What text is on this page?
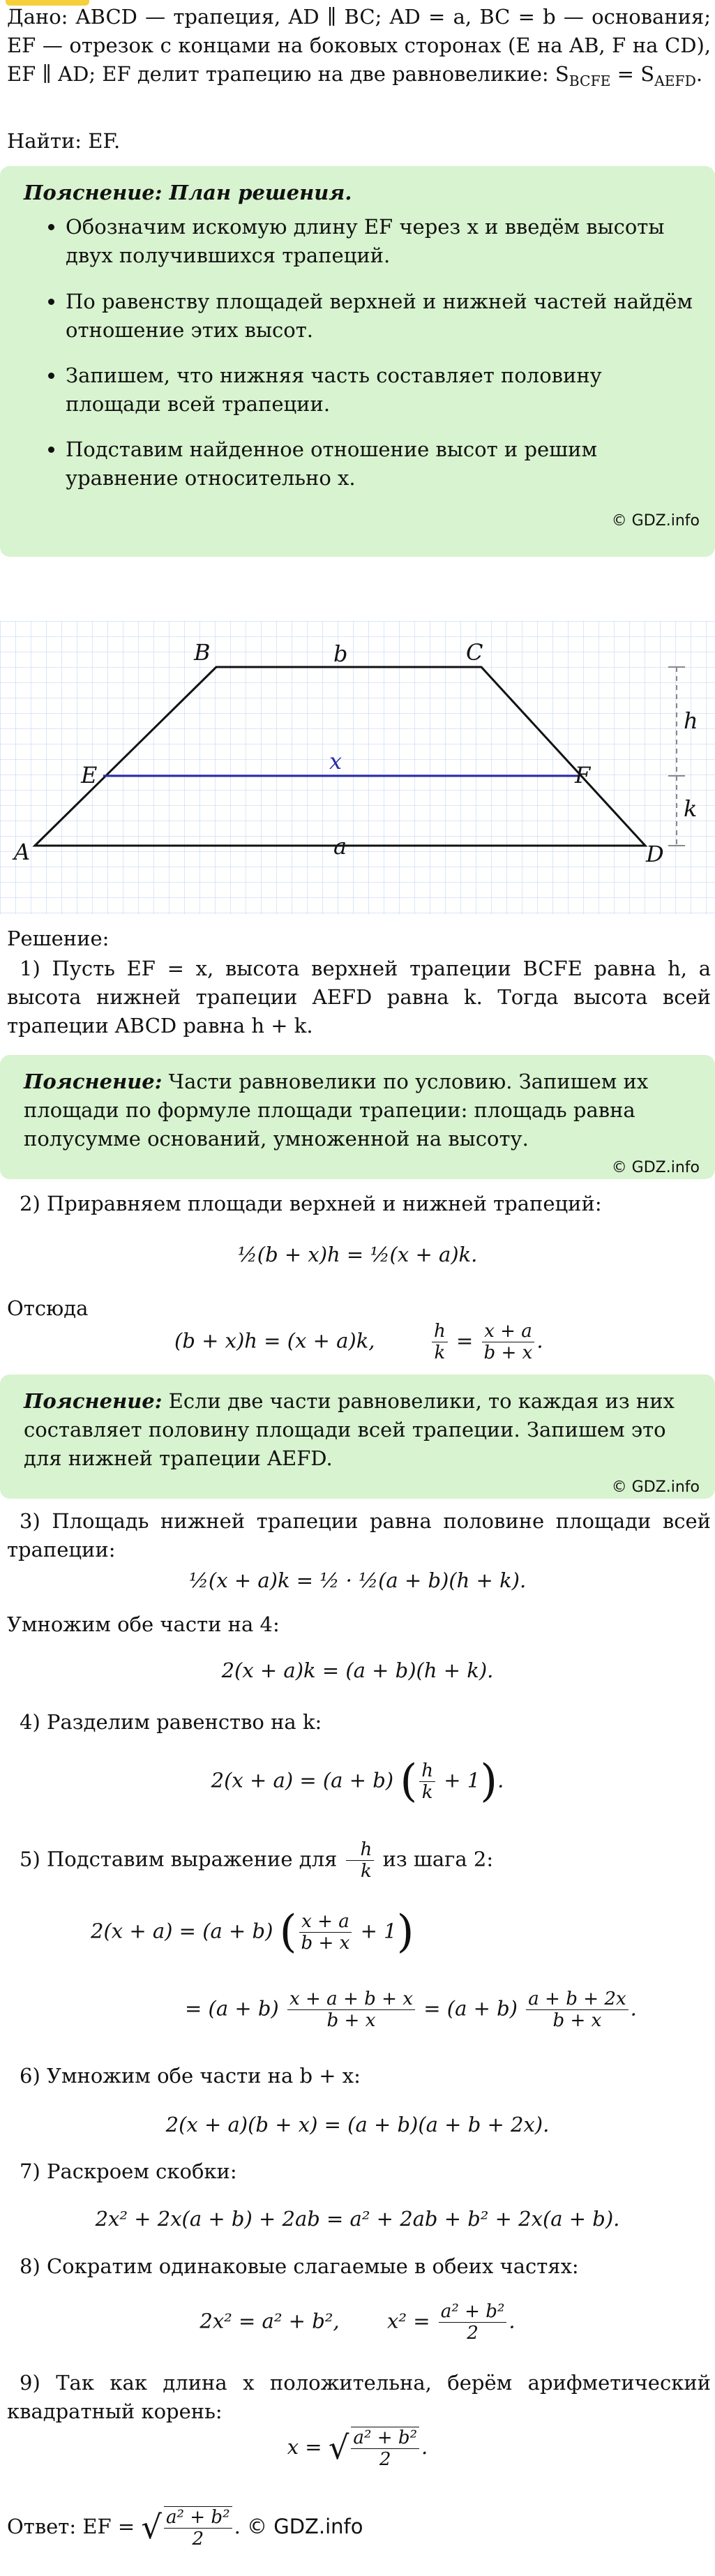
Дано: ABCD — трапеция, AD ∥ BC; AD = a, BC = b — основания; EF — отрезок с концами на боковых сторонах (E на AB, F на CD), EF ∥ AD; EF делит трапецию на две равновеликие: $S_{BCFE} = S_{AEFD}$.

Найти: EF.

Пояснение: План решения.
• Обозначим искомую длину EF через x и введём высоты двух получившихся трапеций.
• По равенству площадей верхней и нижней частей найдём отношение этих высот.
• Запишем, что нижняя часть составляет половину площади всей трапеции.
• Подставим найденное отношение высот и решим уравнение относительно x.
© GDZ.info
A
B	C
D
E	F
a
b
x
h
k

Решение:

1) Пусть EF = x, высота верхней трапеции BCFE равна h, а высота нижней трапеции AEFD равна k. Тогда высота всей трапеции ABCD равна h + k.

Пояснение: Части равновелики по условию. Запишем их площади по формуле площади трапеции: площадь равна полусумме оснований, умноженной на высоту.
© GDZ.info

2) Приравняем площади верхней и нижней трапеций:

½(b + x)h = ½(x + a)k.

Отсюда

(b + x)h = (x + a)k,	$\frac{h}{k} = \frac{x + a}{b + x}$ .
Пояснение: Если две части равновелики, то каждая из них составляет половину площади всей трапеции. Запишем это для нижней трапеции AEFD.
© GDZ.info

3) Площадь нижней трапеции равна половине площади всей трапеции:

½(x + a)k = ½ · ½(a + b)(h + k).

Умножим обе части на 4:

2(x + a)k = (a + b)(h + k).

4) Разделим равенство на k:

2(x + a) = (a + b) ( $\frac{h}{k} + 1$).
5) Подставим выражение для $\frac{h}{k}$ из шага 2:
2(x + a) = (a + b) ( $\frac{x + a}{b + x} + 1$)
= $(a + b) \frac{x + a + b + x}{b + x} = (a + b) \frac{a + b + 2x}{b + x}$ .

6) Умножим обе части на b + x:

2(x + a)(b + x) = (a + b)(a + b + 2x).

7) Раскроем скобки:

2x² + 2x(a + b) + 2ab = a² + 2ab + b² + 2x(a + b).

8) Сократим одинаковые слагаемые в обеих частях:

2x² = a² + b², $x^2 = \frac{\text{a² + b²}}{2}$ .

9) Так как длина x положительна, берём арифметический квадратный корень:

x = √ $\frac{\text{a² + b²}}{2}$ .
Ответ: EF = √ $\frac{\text{a² + b²}}{2}$ . © GDZ.info
